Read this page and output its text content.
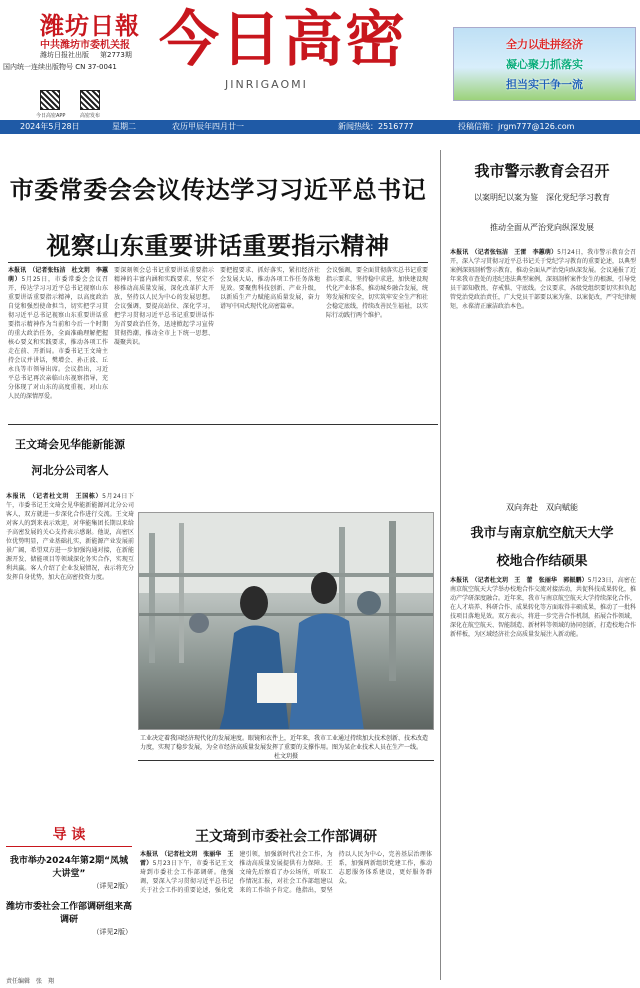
潍坊日報
中共潍坊市委机关报
潍坊日报社出版 第2773期
国内统一连续出版物号 CN 37-0041
今日高密APP	高密发布
今日高密
JINRIGAOMI
全力以赴拼经济
凝心聚力抓落实
担当实干争一流
2024年5月28日	星期二	农历甲辰年四月廿一	新闻热线：2516777	投稿信箱：jrgm777@126.com
市委常委会会议传达学习习近平总书记
视察山东重要讲话重要指示精神
本报讯　（记者张钰洁　杜文玥　李蕙萌）5月25日，市委常委会会议召开，传达学习习近平总书记视察山东重要讲话重要指示精神，以高度政治自觉和强烈使命担当，切实把学习贯彻习近平总书记视察山东重要讲话重要指示精神作为当前和今后一个时期的重大政治任务，全面准确理解把握核心要义和实践要求，推动各项工作走在前、开新局。市委书记王文琦主持会议并讲话，樊增会、孙正波、丘永良等市领导出席。会议指出，习近平总书记再次亲临山东视察指导，充分体现了对山东的高度重视、对山东人民的深情厚爱。
要深刻领会总书记重要讲话重要指示精神的丰富内涵和实践要求，坚定不移推动高质量发展，深化改革扩大开放，坚持以人民为中心的发展思想。会议强调，要提高站位、深化学习，把学习贯彻习近平总书记重要讲话作为首要政治任务，迅速掀起学习宣传贯彻热潮，推动全市上下统一思想、凝聚共识。
要把握要求、抓好落实，紧扣经济社会发展大局，推动各项工作任务落地见效。要聚焦科技创新、产业升级，以新质生产力赋能高质量发展，奋力谱写中国式现代化高密篇章。
会议强调，要全面贯彻落实总书记重要指示要求，坚持稳中求进，加快建设现代化产业体系，推动城乡融合发展，统筹发展和安全，切实筑牢安全生产和社会稳定底线，持续改善民生福祉，以实际行动践行两个维护。
我市警示教育会召开
以案明纪以案为鉴　深化党纪学习教育
推动全面从严治党向纵深发展
本报讯　（记者张钰洁　王雷　李蕙萌）5月24日，我市警示教育会召开，深入学习贯彻习近平总书记关于党纪学习教育的重要论述，以典型案例深刻剖析警示教育，推动全面从严治党向纵深发展。会议通报了近年来我市查处的违纪违法典型案例，深刻剖析案件发生的根源，引导党员干部知敬畏、存戒惧、守底线。会议要求，各级党组织要切实担负起管党治党政治责任，广大党员干部要以案为鉴、以案促改，严守纪律规矩，永葆清正廉洁政治本色。
王文琦会见华能新能源
河北分公司客人
本报讯　（记者杜文玥　王国栋）5月24日下午，市委书记王文琦会见华能新能源河北分公司客人，双方就进一步深化合作进行交流。王文琦对客人的到来表示欢迎，对华能集团长期以来给予高密发展的关心支持表示感谢。他说，高密区位优势明显，产业基础扎实，新能源产业发展前景广阔，希望双方进一步加强沟通对接，在新能源开发、储能项目等领域深化务实合作，实现互利共赢。客人介绍了企业发展情况，表示将充分发挥自身优势，加大在高密投资力度。
工业决定着我国经济现代化的发展速度。眼镜和衣件上，近年来，我市工业通过持续加大技术创新、技术改造力度，实现了稳步发展，为全市经济高质量发展发挥了重要的支撑作用。图为某企业技术人员在生产一线。
杜文玥摄
双向奔赴　双向赋能
我市与南京航空航天大学
校地合作结硕果
本报讯　（记者杜文玥　王　蕾　张丽华　郭振鹏）5月23日，高密在南京航空航天大学举办校地合作交流对接活动，共促科技成果转化，推动产学研深度融合。近年来，我市与南京航空航天大学持续深化合作，在人才培养、科研合作、成果转化等方面取得丰硕成果，推动了一批科技项目落地见效。双方表示，将进一步完善合作机制，拓展合作领域，深化在航空航天、智能制造、新材料等领域的协同创新，打造校地合作新样板，为区域经济社会高质量发展注入新动能。
王文琦到市委社会工作部调研
本报讯　（记者杜文玥　张丽华　王雷）5月23日下午，市委书记王文琦到市委社会工作部调研。他强调，要深入学习贯彻习近平总书记关于社会工作的重要论述，强化党建引领，加强新时代社会工作，为推动高质量发展提供有力保障。王文琦先后察看了办公场所，听取工作情况汇报，对社会工作部组建以来的工作给予肯定。他指出，要坚持以人民为中心，完善基层治理体系，加强两新组织党建工作，推动志愿服务体系建设，更好服务群众。
导 读
我市举办2024年第2期“凤城大讲堂”
（详见2版）
潍坊市委社会工作部调研组来高调研
（详见2版）
责任编辑　张　翔
